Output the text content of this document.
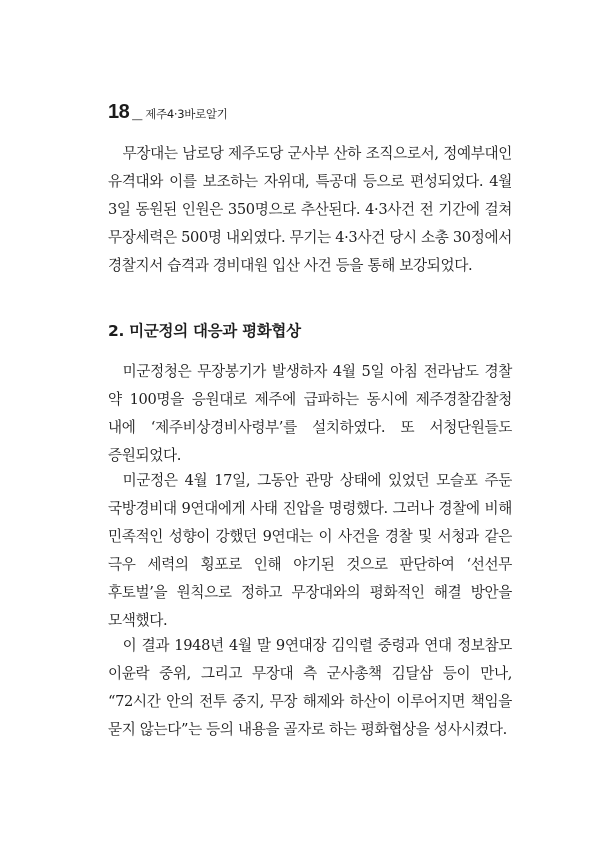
18 _ 제주4·3바로알기

무장대는 남로당 제주도당 군사부 산하 조직으로서, 정예부대인 유격대와 이를 보조하는 자위대, 특공대 등으로 편성되었다. 4월 3일 동원된 인원은 350명으로 추산된다. 4·3사건 전 기간에 걸쳐 무장세력은 500명 내외였다. 무기는 4·3사건 당시 소총 30정에서 경찰지서 습격과 경비대원 입산 사건 등을 통해 보강되었다.

2. 미군정의 대응과 평화협상

미군정청은 무장봉기가 발생하자 4월 5일 아침 전라남도 경찰 약 100명을 응원대로 제주에 급파하는 동시에 제주경찰감찰청 내에 ‘제주비상경비사령부’를 설치하였다. 또 서청단원들도 증원되었다.

미군정은 4월 17일, 그동안 관망 상태에 있었던 모슬포 주둔 국방경비대 9연대에게 사태 진압을 명령했다. 그러나 경찰에 비해 민족적인 성향이 강했던 9연대는 이 사건을 경찰 및 서청과 같은 극우 세력의 횡포로 인해 야기된 것으로 판단하여 ‘선선무 후토벌’을 원칙으로 정하고 무장대와의 평화적인 해결 방안을 모색했다.

이 결과 1948년 4월 말 9연대장 김익렬 중령과 연대 정보참모 이윤락 중위, 그리고 무장대 측 군사총책 김달삼 등이 만나, “72시간 안의 전투 중지, 무장 해제와 하산이 이루어지면 책임을 묻지 않는다”는 등의 내용을 골자로 하는 평화협상을 성사시켰다.
